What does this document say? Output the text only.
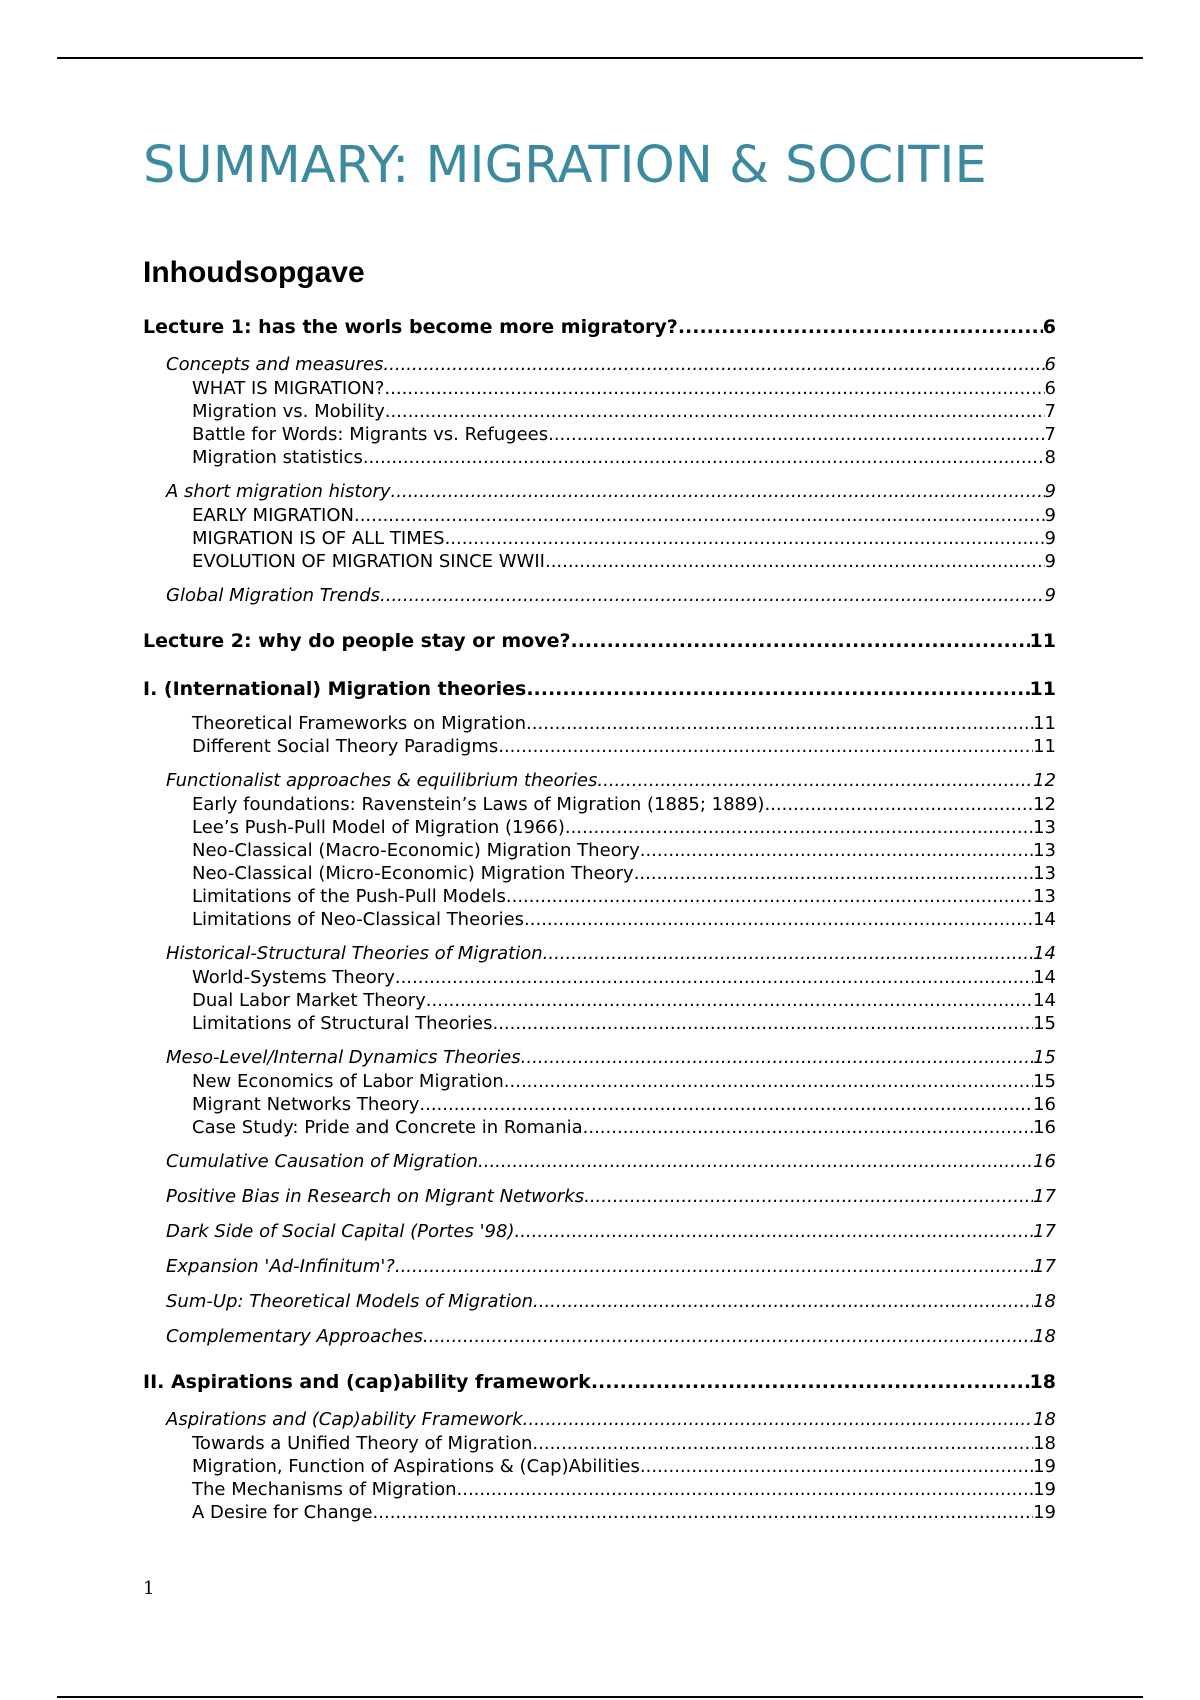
SUMMARY: MIGRATION & SOCITIE
Inhoudsopgave
Lecture 1: has the worls become more migratory? .....	6
Concepts and measures .....	6
WHAT IS MIGRATION? .....	6
Migration vs. Mobility .....	7
Battle for Words: Migrants vs. Refugees .....	7
Migration statistics .....	8
A short migration history .....	9
EARLY MIGRATION .....	9
MIGRATION IS OF ALL TIMES .....	9
EVOLUTION OF MIGRATION SINCE WWII .....	9
Global Migration Trends .....	9
Lecture 2: why do people stay or move? .....	11
I. (International) Migration theories .....	11
Theoretical Frameworks on Migration .....	11
Different Social Theory Paradigms .....	11
Functionalist approaches & equilibrium theories .....	12
Early foundations: Ravenstein’s Laws of Migration (1885; 1889) .....	12
Lee’s Push-Pull Model of Migration (1966) .....	13
Neo-Classical (Macro-Economic) Migration Theory .....	13
Neo-Classical (Micro-Economic) Migration Theory .....	13
Limitations of the Push-Pull Models .....	13
Limitations of Neo-Classical Theories .....	14
Historical-Structural Theories of Migration .....	14
World-Systems Theory .....	14
Dual Labor Market Theory .....	14
Limitations of Structural Theories .....	15
Meso-Level/Internal Dynamics Theories .....	15
New Economics of Labor Migration .....	15
Migrant Networks Theory .....	16
Case Study: Pride and Concrete in Romania .....	16
Cumulative Causation of Migration .....	16
Positive Bias in Research on Migrant Networks .....	17
Dark Side of Social Capital (Portes '98) .....	17
Expansion 'Ad-Infinitum'? .....	17
Sum-Up: Theoretical Models of Migration .....	18
Complementary Approaches .....	18
II. Aspirations and (cap)ability framework .....	18
Aspirations and (Cap)ability Framework .....	18
Towards a Unified Theory of Migration .....	18
Migration, Function of Aspirations & (Cap)Abilities .....	19
The Mechanisms of Migration .....	19
A Desire for Change .....	19
1
